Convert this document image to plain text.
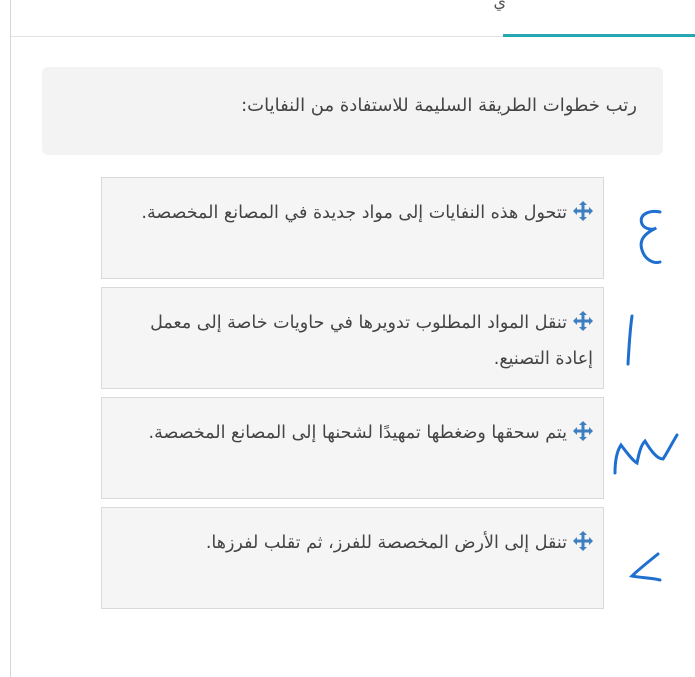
ي
رتب خطوات الطريقة السليمة للاستفادة من النفايات:
تتحول هذه النفايات إلى مواد جديدة في المصانع المخصصة.
تنقل المواد المطلوب تدويرها في حاويات خاصة إلى معمل إعادة التصنيع.
يتم سحقها وضغطها تمهيدًا لشحنها إلى المصانع المخصصة.
تنقل إلى الأرض المخصصة للفرز، ثم تقلب لفرزها.
